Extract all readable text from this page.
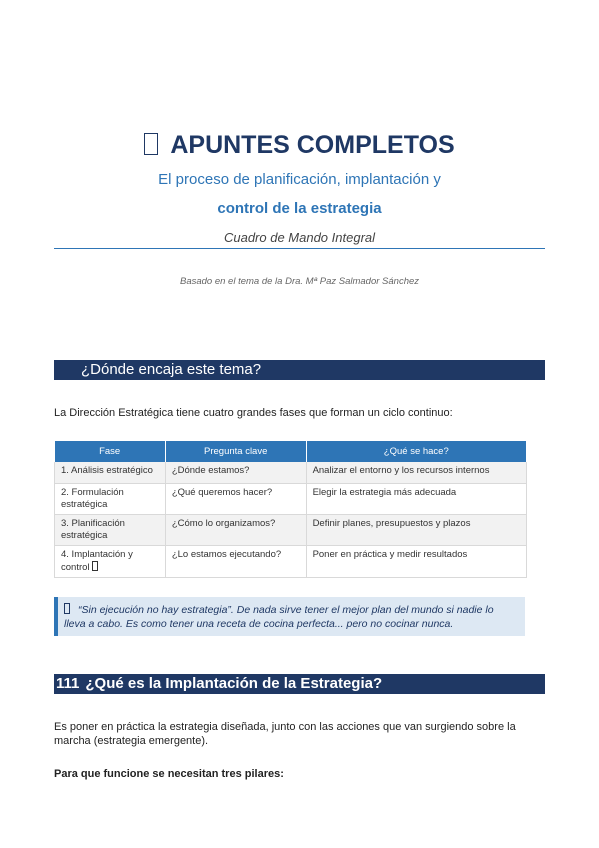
APUNTES COMPLETOS
El proceso de planificación, implantación y
control de la estrategia
Cuadro de Mando Integral
Basado en el tema de la Dra. Mª Paz Salmador Sánchez
¿Dónde encaja este tema?
La Dirección Estratégica tiene cuatro grandes fases que forman un ciclo continuo:
Fase	Pregunta clave	¿Qué se hace?
1. Análisis estratégico	¿Dónde estamos?	Analizar el entorno y los recursos internos
2. Formulación estratégica	¿Qué queremos hacer?	Elegir la estrategia más adecuada
3. Planificación estratégica	¿Cómo lo organizamos?	Definir planes, presupuestos y plazos
4. Implantación y control	¿Lo estamos ejecutando?	Poner en práctica y medir resultados
“Sin ejecución no hay estrategia”. De nada sirve tener el mejor plan del mundo si nadie lo lleva a cabo. Es como tener una receta de cocina perfecta... pero no cocinar nunca.
111 ¿Qué es la Implantación de la Estrategia?
Es poner en práctica la estrategia diseñada, junto con las acciones que van surgiendo sobre la marcha (estrategia emergente).
Para que funcione se necesitan tres pilares:
